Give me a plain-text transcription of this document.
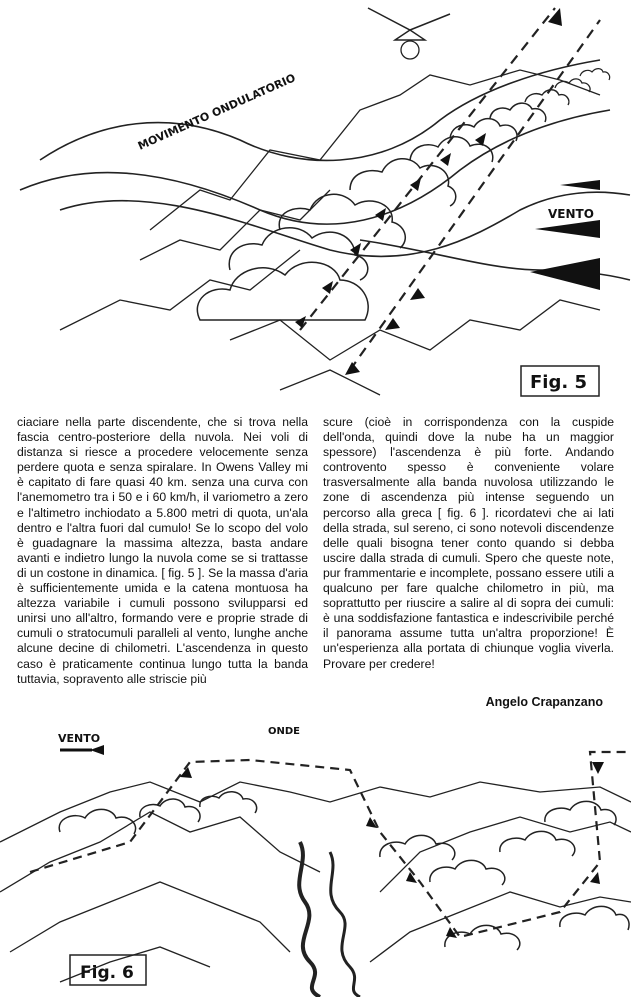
MOVIMENTO ONDULATORIO
VENTO
Fig. 5

ciaciare nella parte discendente, che si trova nella fascia centro-posteriore della nuvola. Nei voli di distanza si riesce a procedere velocemente senza perdere quota e senza spiralare. In Owens Valley mi è capitato di fare quasi 40 km. senza una curva con l'anemometro tra i 50 e i 60 km/h, il variometro a zero e l'altimetro inchiodato a 5.800 metri di quota, un'ala dentro e l'altra fuori dal cumulo! Se lo scopo del volo è guadagnare la massima altezza, basta andare avanti e indietro lungo la nuvola come se si trattasse di un costone in dinamica. [ fig. 5 ]. Se la massa d'aria è sufficientemente umida e la catena montuosa ha altezza variabile i cumuli possono svilupparsi ed unirsi uno all'altro, formando vere e proprie strade di cumuli o stratocumuli paralleli al vento, lunghe anche alcune decine di chilometri. L'ascendenza in questo caso è praticamente continua lungo tutta la banda tuttavia, sopravento alle striscie più

scure (cioè in corrispondenza con la cuspide dell'onda, quindi dove la nube ha un maggior spessore) l'ascendenza è più forte. Andando controvento spesso è conveniente volare trasversalmente alla banda nuvolosa utilizzando le zone di ascendenza più intense seguendo un percorso alla greca [ fig. 6 ]. ricordatevi che ai lati della strada, sul sereno, ci sono notevoli discendenze delle quali bisogna tener conto quando si debba uscire dalla strada di cumuli. Spero che queste note, pur frammentarie e incomplete, possano essere utili a qualcuno per fare qualche chilometro in più, ma soprattutto per riuscire a salire al di sopra dei cumuli: è una soddisfazione fantastica e indescrivibile perché il panorama assume tutta un'altra proporzione! È un'esperienza alla portata di chiunque voglia viverla. Provare per credere!

Angelo Crapanzano
VENTO
ONDE
Fig. 6
